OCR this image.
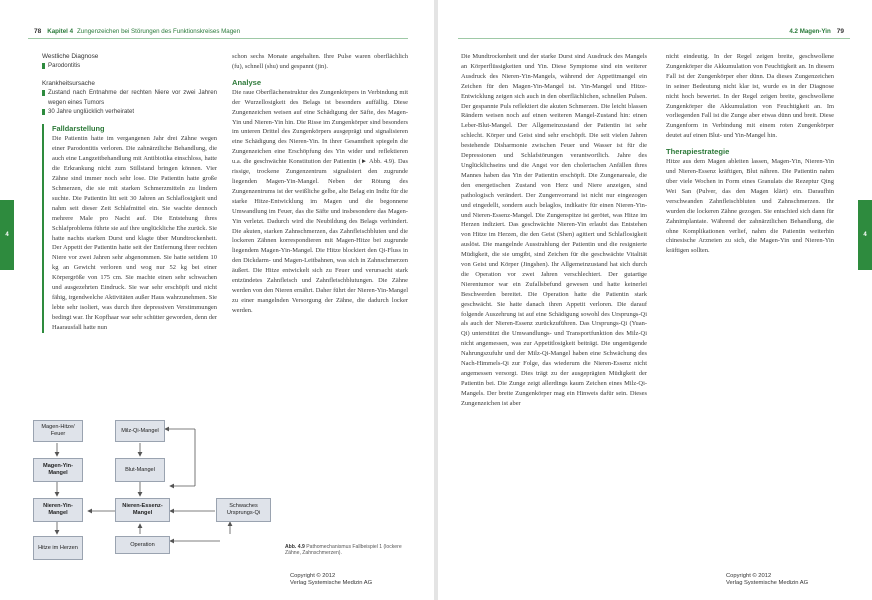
78 Kapitel 4 Zungenzeichen bei Störungen des Funktionskreises Magen
4
Westliche Diagnose
Parodontitis
Krankheitsursache
Zustand nach Entnahme der rechten Niere vor zwei Jahren wegen eines Tumors
30 Jahre unglücklich verheiratet
Falldarstellung

Die Patientin hatte im vergangenen Jahr drei Zähne wegen einer Parodontitis verloren. Die zahnärztliche Behandlung, die auch eine Langzeitbehandlung mit Antibiotika einschloss, hatte die Erkrankung nicht zum Stillstand bringen können. Vier Zähne sind immer noch sehr lose. Die Patientin hatte große Schmerzen, die sie mit starken Schmerzmitteln zu lindern suchte. Die Patientin litt seit 30 Jahren an Schlaflosigkeit und nahm seit dieser Zeit Schlafmittel ein. Sie wachte dennoch mehrere Male pro Nacht auf. Die Entstehung ihres Schlafproblems führte sie auf ihre unglückliche Ehe zurück. Sie hatte nachts starken Durst und klagte über Mundtrockenheit. Der Appetit der Patientin hatte seit der Entfernung ihrer rechten Niere vor zwei Jahren sehr abgenommen. Sie hatte seitdem 10 kg an Gewicht verloren und wog nur 52 kg bei einer Körpergröße von 175 cm. Sie machte einen sehr schwachen und ausgezehrten Eindruck. Sie war sehr erschöpft und nicht fähig, irgendwelche Aktivitäten außer Haus wahrzunehmen. Sie lebte sehr isoliert, was durch ihre depressiven Verstimmungen bedingt war. Ihr Kopfhaar war sehr schütter geworden, denn der Haarausfall hatte nun

schon sechs Monate angehalten. Ihre Pulse waren oberflächlich (fu), schnell (shu) und gespannt (jin).

Analyse

Die raue Oberflächenstruktur des Zungenkörpers in Verbindung mit der Wurzellosigkeit des Belags ist besonders auffällig. Diese Zungenzeichen weisen auf eine Schädigung der Säfte, des Magen-Yin und Nieren-Yin hin. Die Risse im Zungenkörper sind besonders im unteren Drittel des Zungenkörpers ausgeprägt und signalisieren eine Schädigung des Nieren-Yin. In ihrer Gesamtheit spiegeln die Zungenzeichen eine Erschöpfung des Yin wider und reflektieren u.a. die geschwächte Konstitution der Patientin (► Abb. 4.9). Das rissige, trockene Zungenzentrum signalisiert den zugrunde liegenden Magen-Yin-Mangel. Neben der Rötung des Zungenzentrums ist der weißliche gelbe, alte Belag ein Indiz für die starke Hitze-Entwicklung im Magen und die begonnene Umwandlung im Feuer, das die Säfte und insbesondere das Magen-Yin verletzt. Dadurch wird die Neubildung des Belags verhindert. Die akuten, starken Zahnschmerzen, das Zahnfleischbluten und die lockeren Zähnen korrespondieren mit Magen-Hitze bei zugrunde liegendem Magen-Yin-Mangel. Die Hitze blockiert den Qi-Fluss in den Dickdarm- und Magen-Leitbahnen, was sich in Zahnschmerzen äußert. Die Hitze entwickelt sich zu Feuer und verursacht stark entzündetes Zahnfleisch und Zahnfleischblutungen. Die Zähne werden von den Nieren ernährt. Daher führt der Nieren-Yin-Mangel zu einer mangelnden Versorgung der Zähne, die dadurch locker werden.

Magen-Hitze/ Feuer
Milz-Qi-Mangel
Magen-Yin-Mangel
Blut-Mangel
Nieren-Yin-Mangel
Nieren-Essenz-Mangel
Schwaches Ursprungs-Qi
Hitze im Herzen	Operation	Abb. 4.9 Pathomechanismus Fallbeispiel 1 (lockere Zähne, Zahnschmerzen).
4.2 Magen-Yin 79
4

Die Mundtrockenheit und der starke Durst sind Ausdruck des Mangels an Körperflüssigkeiten und Yin. Diese Symptome sind ein weiterer Ausdruck des Nieren-Yin-Mangels, während der Appetitmangel ein Zeichen für den Magen-Yin-Mangel ist. Yin-Mangel und Hitze-Entwicklung zeigen sich auch in den oberflächlichen, schnellen Pulsen. Der gespannte Puls reflektiert die akuten Schmerzen. Die leicht blassen Rändern weisen noch auf einen weiteren Mangel-Zustand hin: einen Leber-Blut-Mangel. Der Allgemeinzustand der Patientin ist sehr schlecht. Körper und Geist sind sehr erschöpft. Die seit vielen Jahren bestehende Disharmonie zwischen Feuer und Wasser ist für die Depressionen und Schlafstörungen verantwortlich. Jahre des Unglücklichseins und die Angst vor den cholerischen Anfällen ihres Mannes haben das Yin der Patientin erschöpft. Die Zungenareale, die den energetischen Zustand von Herz und Niere anzeigen, sind pathologisch verändert. Der Zungenvorrand ist nicht nur eingezogen und eingedellt, sondern auch belaglos, indikativ für einen Nieren-Yin- und Nieren-Essenz-Mangel. Die Zungenspitze ist gerötet, was Hitze im Herzen indiziert. Das geschwächte Nieren-Yin erlaubt das Entstehen von Hitze im Herzen, die den Geist (Shen) agitiert und Schlaflosigkeit auslöst. Die mangelnde Ausstrahlung der Patientin und die resignierte Müdigkeit, die sie umgibt, sind Zeichen für die geschwächte Vitalität von Geist und Körper (Jingshen). Ihr Allgemeinzustand hat sich durch die Operation vor zwei Jahren verschlechtert. Der gutartige Nierentumor war ein Zufallsbefund gewesen und hatte keinerlei Beschwerden bereitet. Die Operation hatte die Patientin stark geschwächt. Sie hatte danach ihren Appetit verloren. Die darauf folgende Auszehrung ist auf eine Schädigung sowohl des Ursprungs-Qi als auch der Nieren-Essenz zurückzuführen. Das Ursprungs-Qi (Yuan-Qi) unterstützt die Umwandlungs- und Transportfunktion des Milz-Qi nicht angemessen, was zur Appetitlosigkeit beiträgt. Die ungenügende Nahrungszufuhr und der Milz-Qi-Mangel haben eine Schwächung des Nach-Himmels-Qi zur Folge, das wiederum die Nieren-Essenz nicht angemessen versorgt. Dies trägt zu der ausgeprägten Müdigkeit der Patientin bei. Die Zunge zeigt allerdings kaum Zeichen eines Milz-Qi-Mangels. Der breite Zungenkörper mag ein Hinweis dafür sein. Dieses Zungenzeichen ist aber

nicht eindeutig. In der Regel zeigen breite, geschwollene Zungenkörper die Akkumulation von Feuchtigkeit an. In diesem Fall ist der Zungenkörper eher dünn. Da dieses Zungenzeichen in seiner Bedeutung nicht klar ist, wurde es in der Diagnose nicht hoch bewertet. In der Regel zeigen breite, geschwollene Zungenkörper die Akkumulation von Feuchtigkeit an. Im vorliegenden Fall ist die Zunge aber etwas dünn und breit. Diese Zungenform in Verbindung mit einem roten Zungenkörper deutet auf einen Blut- und Yin-Mangel hin.

Therapiestrategie

Hitze aus dem Magen ableiten lassen, Magen-Yin, Nieren-Yin und Nieren-Essenz kräftigen, Blut nähren. Die Patientin nahm über viele Wochen in Form eines Granulats die Rezeptur Qing Wei San (Pulver, das den Magen klärt) ein. Daraufhin verschwanden Zahnfleischbluten und Zahnschmerzen. Ihr wurden die lockeren Zähne gezogen. Sie entschied sich dann für Zahnimplantate. Während der zahnärztlichen Behandlung, die ohne Komplikationen verlief, nahm die Patientin weiterhin chinesische Arzneien zu sich, die Magen-Yin und Nieren-Yin kräftigen sollten.

Copyright © 2012
Verlag Systemische Medizin AG
Copyright © 2012
Verlag Systemische Medizin AG
